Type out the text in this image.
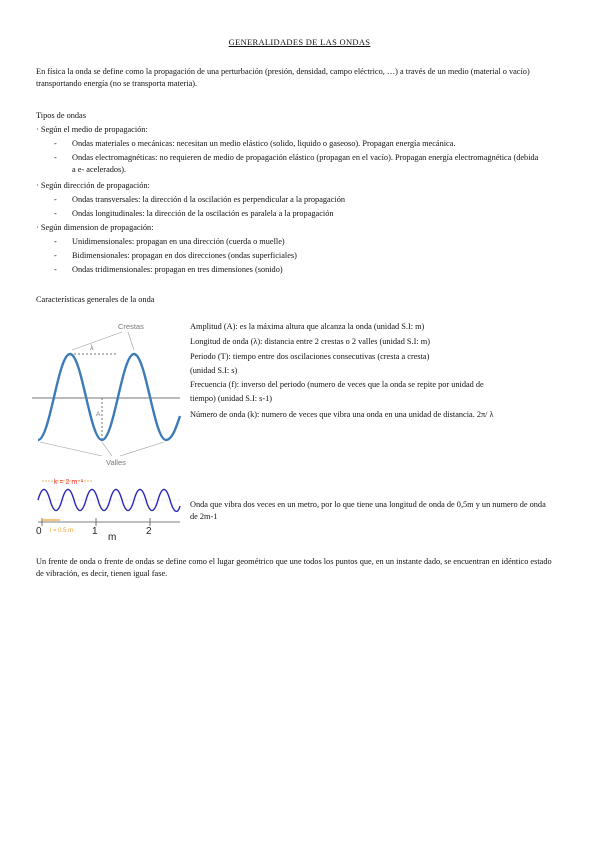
GENERALIDADES DE LAS ONDAS
En física la onda se define como la propagación de una perturbación (presión, densidad, campo eléctrico, …) a través de un medio (material o vacío) transportando energía (no se transporta materia).
Tipos de ondas
· Según el medio de propagación:
- Ondas materiales o mecánicas: necesitan un medio elástico (solido, liquido o gaseoso). Propagan energía mecánica.
- Ondas electromagnéticas: no requieren de medio de propagación elástico (propagan en el vacío). Propagan energía electromagnética (debida a e- acelerados).
· Según dirección de propagación:
- Ondas transversales: la dirección d la oscilación es perpendicular a la propagación
- Ondas longitudinales: la dirección de la oscilación es paralela a la propagación
· Según dimension de propagación:
- Unidimensionales: propagan en una dirección (cuerda o muelle)
- Bidimensionales: propagan en dos direcciones (ondas superficiales)
- Ondas tridimensionales: propagan en tres dimensiones (sonido)
Características generales de la onda
Crestas
λ
A
Valles
Amplitud (A): es la máxima altura que alcanza la onda (unidad S.I: m)
Longitud de onda (λ): distancia entre 2 crestas o 2 valles (unidad S.I: m)
Periodo (T): tiempo entre dos oscilaciones consecutivas (cresta a cresta)
(unidad S.I: s)
Frecuencia (f): inverso del periodo (numero de veces que la onda se repite por unidad de
tiempo) (unidad S.I: s-1)
Número de onda (k): numero de veces que vibra una onda en una unidad de distancia. 2π/ λ
k = 2 m⁻¹
0 l = 0.5 m 1
m
2
Onda que vibra dos veces en un metro, por lo que tiene una longitud de onda de 0,5m y un numero de onda de 2m-1
Un frente de onda o frente de ondas se define como el lugar geométrico que une todos los puntos que, en un instante dado, se encuentran en idéntico estado de vibración, es decir, tienen igual fase.
